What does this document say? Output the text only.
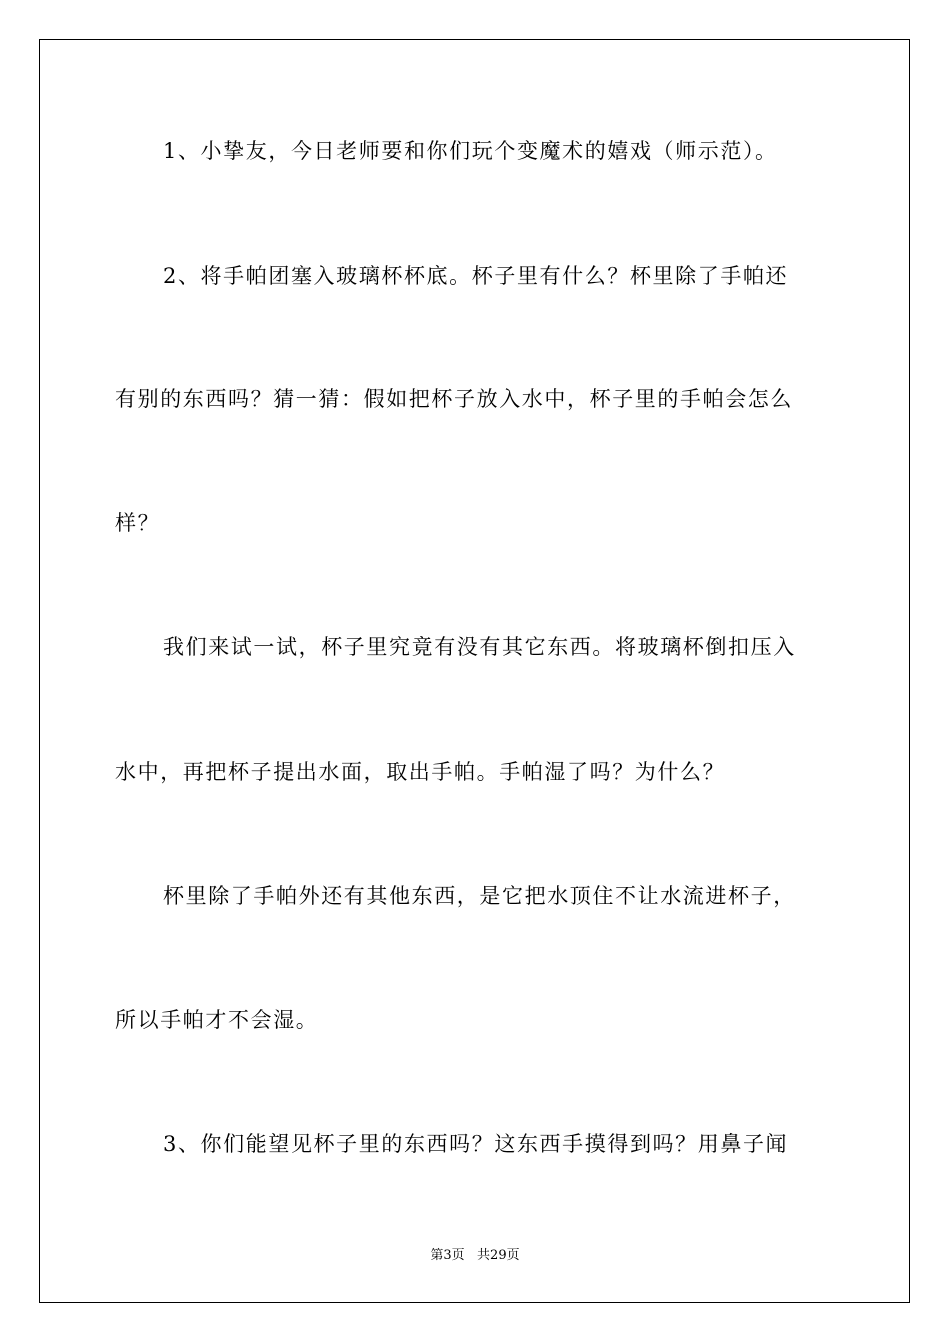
1、小挚友，今日老师要和你们玩个变魔术的嬉戏（师示范）。
2、将手帕团塞入玻璃杯杯底。杯子里有什么？杯里除了手帕还
有别的东西吗？猜一猜：假如把杯子放入水中，杯子里的手帕会怎么
样？
我们来试一试，杯子里究竟有没有其它东西。将玻璃杯倒扣压入
水中，再把杯子提出水面，取出手帕。手帕湿了吗？为什么？
杯里除了手帕外还有其他东西，是它把水顶住不让水流进杯子，
所以手帕才不会湿。
3、你们能望见杯子里的东西吗？这东西手摸得到吗？用鼻子闻
第3页   共29页
